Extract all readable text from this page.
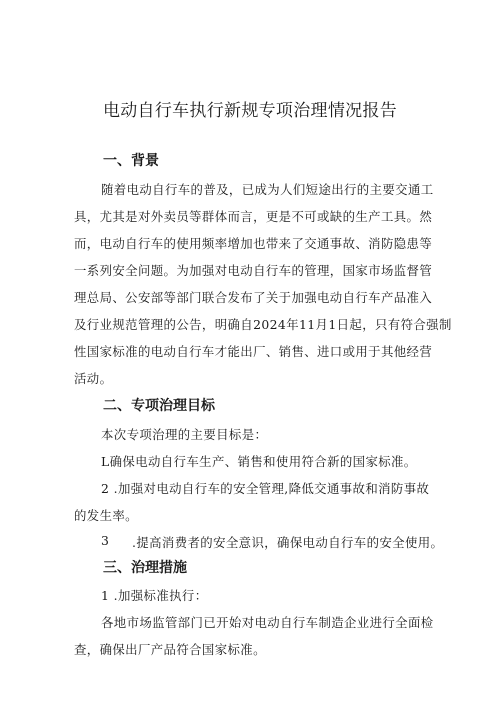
电动自行车执行新规专项治理情况报告
一、背景
随着电动自行车的普及，已成为人们短途出行的主要交通工
具，尤其是对外卖员等群体而言，更是不可或缺的生产工具。然
而，电动自行车的使用频率增加也带来了交通事故、消防隐患等
一系列安全问题。为加强对电动自行车的管理，国家市场监督管
理总局、公安部等部门联合发布了关于加强电动自行车产品准入
及行业规范管理的公告，明确自2024年11月1日起，只有符合强制
性国家标准的电动自行车才能出厂、销售、进口或用于其他经营
活动。
二、专项治理目标
本次专项治理的主要目标是：
L确保电动自行车生产、销售和使用符合新的国家标准。
2 .加强对电动自行车的安全管理,降低交通事故和消防事故
的发生率。
3 .提高消费者的安全意识，确保电动自行车的安全使用。
三、治理措施
1 .加强标准执行：
各地市场监管部门已开始对电动自行车制造企业进行全面检
查，确保出厂产品符合国家标准。
